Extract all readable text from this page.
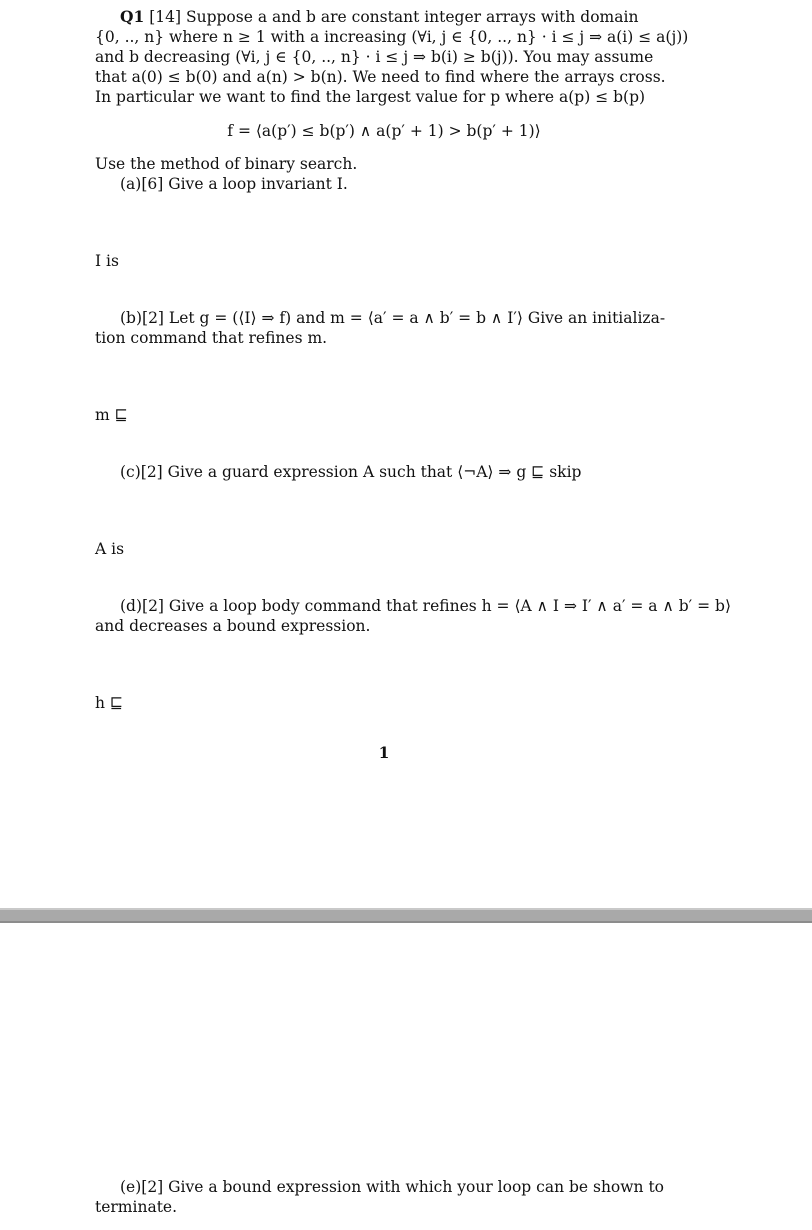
Q1 [14] Suppose a and b are constant integer arrays with domain
{0, .., n} where n ≥ 1 with a increasing (∀i, j ∈ {0, .., n} · i ≤ j ⇒ a(i) ≤ a(j))
and b decreasing (∀i, j ∈ {0, .., n} · i ≤ j ⇒ b(i) ≥ b(j)). You may assume
that a(0) ≤ b(0) and a(n) > b(n). We need to find where the arrays cross.
In particular we want to find the largest value for p where a(p) ≤ b(p)
f = ⟨a(p′) ≤ b(p′) ∧ a(p′ + 1) > b(p′ + 1)⟩
Use the method of binary search.
(a)[6] Give a loop invariant I.
I is
(b)[2] Let g = (⟨I⟩ ⇒ f) and m = ⟨a′ = a ∧ b′ = b ∧ I′⟩ Give an initializa-
tion command that refines m.
m ⊑
(c)[2] Give a guard expression A such that ⟨¬A⟩ ⇒ g ⊑ skip
A is
(d)[2] Give a loop body command that refines h = ⟨A ∧ I ⇒ I′ ∧ a′ = a ∧ b′ = b⟩
and decreases a bound expression.
h ⊑
1
(e)[2] Give a bound expression with which your loop can be shown to
terminate.
